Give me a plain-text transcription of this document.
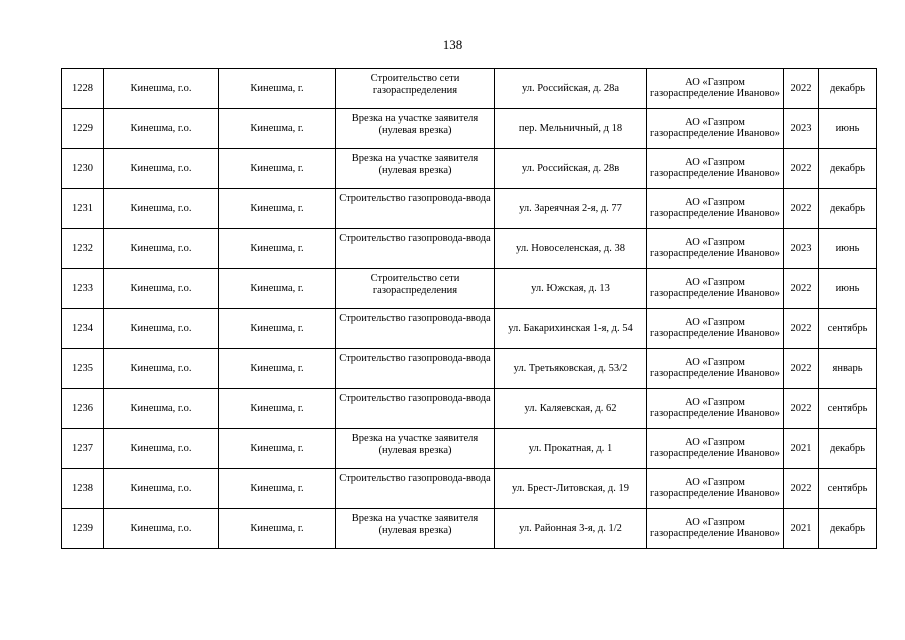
138
1228	Кинешма, г.о.	Кинешма, г.	Строительство сети газораспределения	ул. Российская, д. 28а	АО «Газпром газораспределение Иваново»	2022	декабрь
1229	Кинешма, г.о.	Кинешма, г.	Врезка на участке заявителя (нулевая врезка)	пер. Мельничный, д 18	АО «Газпром газораспределение Иваново»	2023	июнь
1230	Кинешма, г.о.	Кинешма, г.	Врезка на участке заявителя (нулевая врезка)	ул. Российская, д. 28в	АО «Газпром газораспределение Иваново»	2022	декабрь
1231	Кинешма, г.о.	Кинешма, г.	Строительство газопровода-ввода	ул. Зареячная 2-я, д. 77	АО «Газпром газораспределение Иваново»	2022	декабрь
1232	Кинешма, г.о.	Кинешма, г.	Строительство газопровода-ввода	ул. Новоселенская, д. 38	АО «Газпром газораспределение Иваново»	2023	июнь
1233	Кинешма, г.о.	Кинешма, г.	Строительство сети газораспределения	ул. Южская, д. 13	АО «Газпром газораспределение Иваново»	2022	июнь
1234	Кинешма, г.о.	Кинешма, г.	Строительство газопровода-ввода	ул. Бакарихинская 1-я, д. 54	АО «Газпром газораспределение Иваново»	2022	сентябрь
1235	Кинешма, г.о.	Кинешма, г.	Строительство газопровода-ввода	ул. Третьяковская, д. 53/2	АО «Газпром газораспределение Иваново»	2022	январь
1236	Кинешма, г.о.	Кинешма, г.	Строительство газопровода-ввода	ул. Каляевская, д. 62	АО «Газпром газораспределение Иваново»	2022	сентябрь
1237	Кинешма, г.о.	Кинешма, г.	Врезка на участке заявителя (нулевая врезка)	ул. Прокатная, д. 1	АО «Газпром газораспределение Иваново»	2021	декабрь
1238	Кинешма, г.о.	Кинешма, г.	Строительство газопровода-ввода	ул. Брест-Литовская, д. 19	АО «Газпром газораспределение Иваново»	2022	сентябрь
1239	Кинешма, г.о.	Кинешма, г.	Врезка на участке заявителя (нулевая врезка)	ул. Районная 3-я, д. 1/2	АО «Газпром газораспределение Иваново»	2021	декабрь
